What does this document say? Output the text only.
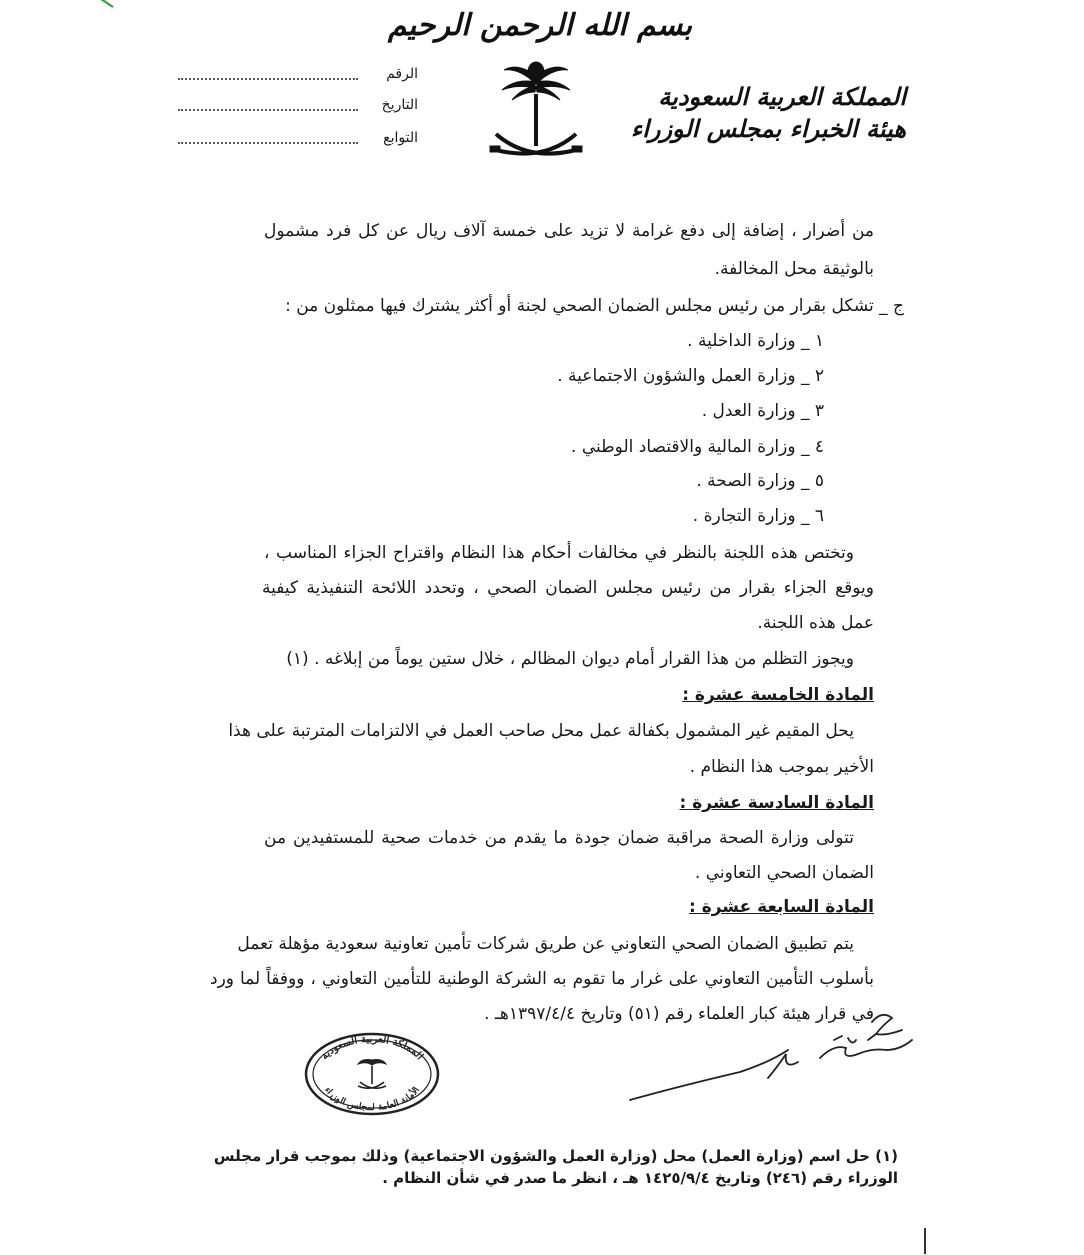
بسم الله الرحمن الرحيم
الرقم
التاريخ
التوابع
المملكة العربية السعودية
هيئة الخبراء بمجلس الوزراء
من أضرار ، إضافة إلى دفع غرامة لا تزيد على خمسة آلاف ريال عن كل فرد مشمول
بالوثيقة محل المخالفة.
ج _ تشكل بقرار من رئيس مجلس الضمان الصحي لجنة أو أكثر يشترك فيها ممثلون من :
١ _ وزارة الداخلية .
٢ _ وزارة العمل والشؤون الاجتماعية .
٣ _ وزارة العدل .
٤ _ وزارة المالية والاقتصاد الوطني .
٥ _ وزارة الصحة .
٦ _ وزارة التجارة .
وتختص هذه اللجنة بالنظر في مخالفات أحكام هذا النظام واقتراح الجزاء المناسب ،
ويوقع الجزاء بقرار من رئيس مجلس الضمان الصحي ، وتحدد اللائحة التنفيذية كيفية
عمل هذه اللجنة.
ويجوز التظلم من هذا القرار أمام ديوان المظالم ، خلال ستين يوماً من إبلاغه . (١)
المادة الخامسة عشرة :
يحل المقيم غير المشمول بكفالة عمل محل صاحب العمل في الالتزامات المترتبة على هذا
الأخير بموجب هذا النظام .
المادة السادسة عشرة :
تتولى وزارة الصحة مراقبة ضمان جودة ما يقدم من خدمات صحية للمستفيدين من
الضمان الصحي التعاوني .
المادة السابعة عشرة :
يتم تطبيق الضمان الصحي التعاوني عن طريق شركات تأمين تعاونية سعودية مؤهلة تعمل
بأسلوب التأمين التعاوني على غرار ما تقوم به الشركة الوطنية للتأمين التعاوني ، ووفقاً لما ورد
في قرار هيئة كبار العلماء رقم (٥١) وتاريخ ١٣٩٧/٤/٤هـ .
المملكة العربية السعودية
الأمانة العامة لمجلس الوزراء
(١) حل اسم (وزارة العمل) محل (وزارة العمل والشؤون الاجتماعية) وذلك بموجب قرار مجلس
الوزراء رقم (٢٤٦) وتاريخ ١٤٢٥/٩/٤ هـ ، انظر ما صدر في شأن النظام .
